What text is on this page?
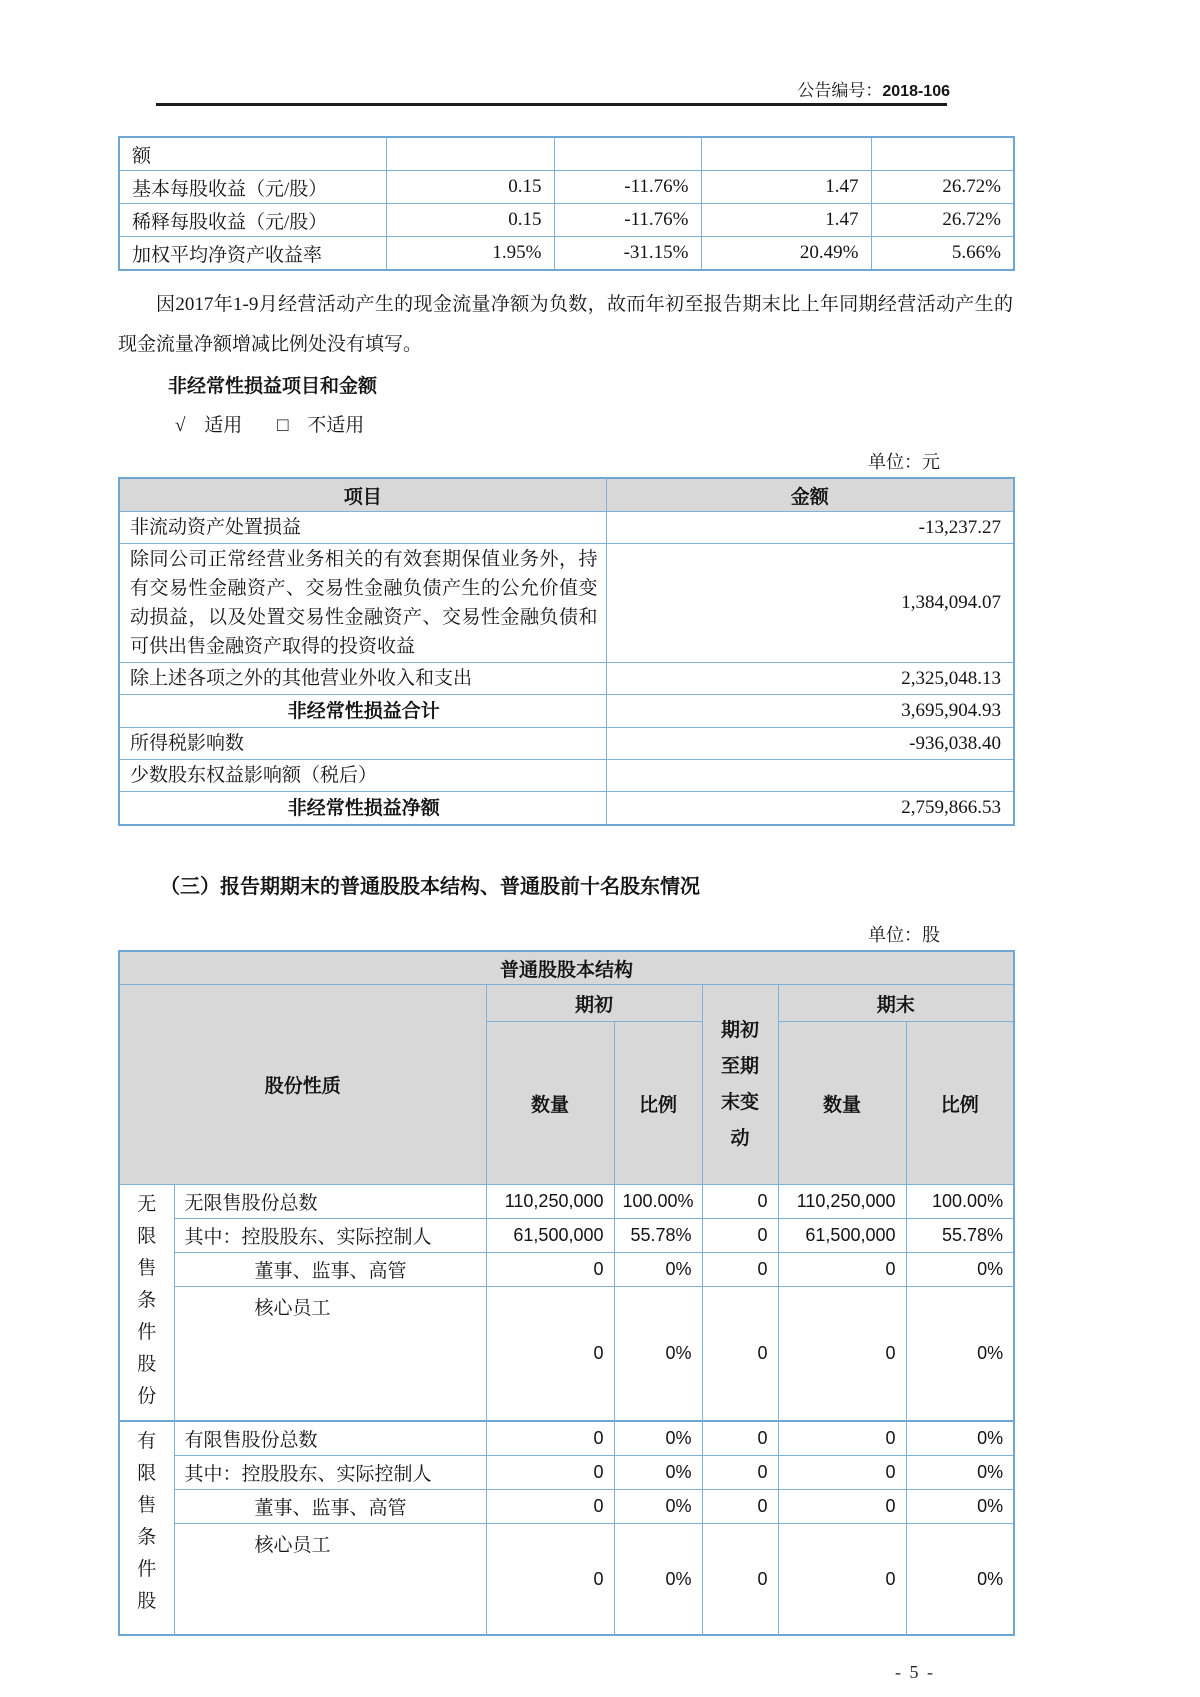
公告编号：2018-106
额				
基本每股收益（元/股）	0.15	-11.76%	1.47	26.72%
稀释每股收益（元/股）	0.15	-11.76%	1.47	26.72%
加权平均净资产收益率	1.95%	-31.15%	20.49%	5.66%
因2017年1-9月经营活动产生的现金流量净额为负数，故而年初至报告期末比上年同期经营活动产生的现金流量净额增减比例处没有填写。
非经常性损益项目和金额
√ 适用 □ 不适用
单位：元
项目	金额
非流动资产处置损益	-13,237.27
除同公司正常经营业务相关的有效套期保值业务外，持有交易性金融资产、交易性金融负债产生的公允价值变动损益，以及处置交易性金融资产、交易性金融负债和可供出售金融资产取得的投资收益	1,384,094.07
除上述各项之外的其他营业外收入和支出	2,325,048.13
非经常性损益合计	3,695,904.93
所得税影响数	-936,038.40
少数股东权益影响额（税后）	
非经常性损益净额	2,759,866.53
（三）报告期期末的普通股股本结构、普通股前十名股东情况
单位：股
普通股股本结构						
股份性质		期初		期初至期末变动	期末	
		数量	比例		数量	比例
无限售条件股份	无限售股份总数	110,250,000	100.00%	0	110,250,000	100.00%
	其中：控股股东、实际控制人	61,500,000	55.78%	0	61,500,000	55.78%
	董事、监事、高管	0	0%	0	0	0%
	核心员工	0	0%	0	0	0%
有限售条件股	有限售股份总数	0	0%	0	0	0%
	其中：控股股东、实际控制人	0	0%	0	0	0%
	董事、监事、高管	0	0%	0	0	0%
	核心员工	0	0%	0	0	0%
- 5 -
